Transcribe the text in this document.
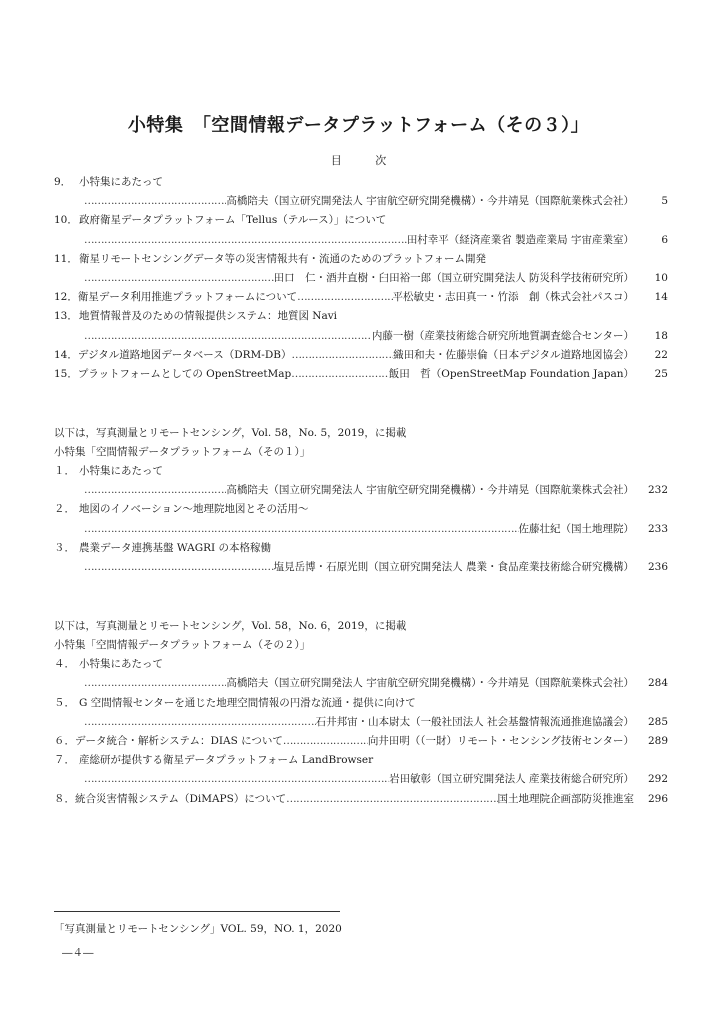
小特集　「空間情報データプラットフォーム（その３）」
目 次
9． 小特集にあたって
……………………………………………………………………………………………………………………………………………………………………………
高橋陪夫（国立研究開発法人 宇宙航空研究開発機構）・今井靖晃（国際航業株式会社）	5
10．政府衛星データプラットフォーム「Tellus（テルース）」について
……………………………………………………………………………………………………………………………………………………………………………
田村幸平（経済産業省 製造産業局 宇宙産業室）	6
11．衛星リモートセンシングデータ等の災害情報共有・流通のためのプラットフォーム開発
……………………………………………………………………………………………………………………………………………………………………………
田口　仁・酒井直樹・臼田裕一郎（国立研究開発法人 防災科学技術研究所）	10
12． 衛星データ利用推進プラットフォームについて ……………………………………………………………………………………………………………………………………………………………………………	平松敏史・志田真一・竹添　創（株式会社パスコ）	14
13．地質情報普及のための情報提供システム：地質図 Navi
……………………………………………………………………………………………………………………………………………………………………………
内藤一樹（産業技術総合研究所地質調査総合センター）	18
14． デジタル道路地図データベース（DRM-DB） ……………………………………………………………………………………………………………………………………………………………………………	織田和夫・佐藤崇倫（日本デジタル道路地図協会）	22
15． プラットフォームとしての OpenStreetMap ……………………………………………………………………………………………………………………………………………………………………………	飯田　哲（OpenStreetMap Foundation Japan）	25
以下は，写真測量とリモートセンシング，Vol. 58，No. 5，2019，に掲載
小特集「空間情報データプラットフォーム（その１）」
１． 小特集にあたって
……………………………………………………………………………………………………………………………………………………………………………
高橋陪夫（国立研究開発法人 宇宙航空研究開発機構）・今井靖晃（国際航業株式会社）	232
２． 地図のイノベーション～地理院地図とその活用～
……………………………………………………………………………………………………………………………………………………………………………
佐藤壮紀（国土地理院）	233
３． 農業データ連携基盤 WAGRI の本格稼働
……………………………………………………………………………………………………………………………………………………………………………
塩見岳博・石原光則（国立研究開発法人 農業・食品産業技術総合研究機構）	236
以下は，写真測量とリモートセンシング，Vol. 58，No. 6，2019，に掲載
小特集「空間情報データプラットフォーム（その２）」
４． 小特集にあたって
……………………………………………………………………………………………………………………………………………………………………………
高橋陪夫（国立研究開発法人 宇宙航空研究開発機構）・今井靖晃（国際航業株式会社）	284
５． G 空間情報センターを通じた地理空間情報の円滑な流通・提供に向けて
……………………………………………………………………………………………………………………………………………………………………………
石井邦宙・山本尉太（一般社団法人 社会基盤情報流通推進協議会）	285
６． データ統合・解析システム：DIAS について ……………………………………………………………………………………………………………………………………………………………………………	向井田明（（一財）リモート・センシング技術センター）	289
７． 産総研が提供する衛星データプラットフォーム LandBrowser
……………………………………………………………………………………………………………………………………………………………………………
岩田敏彰（国立研究開発法人 産業技術総合研究所）	292
８． 統合災害情報システム（DiMAPS）について ……………………………………………………………………………………………………………………………………………………………………………	国土地理院企画部防災推進室	296
「写真測量とリモートセンシング」VOL. 59，NO. 1，2020
―４―
